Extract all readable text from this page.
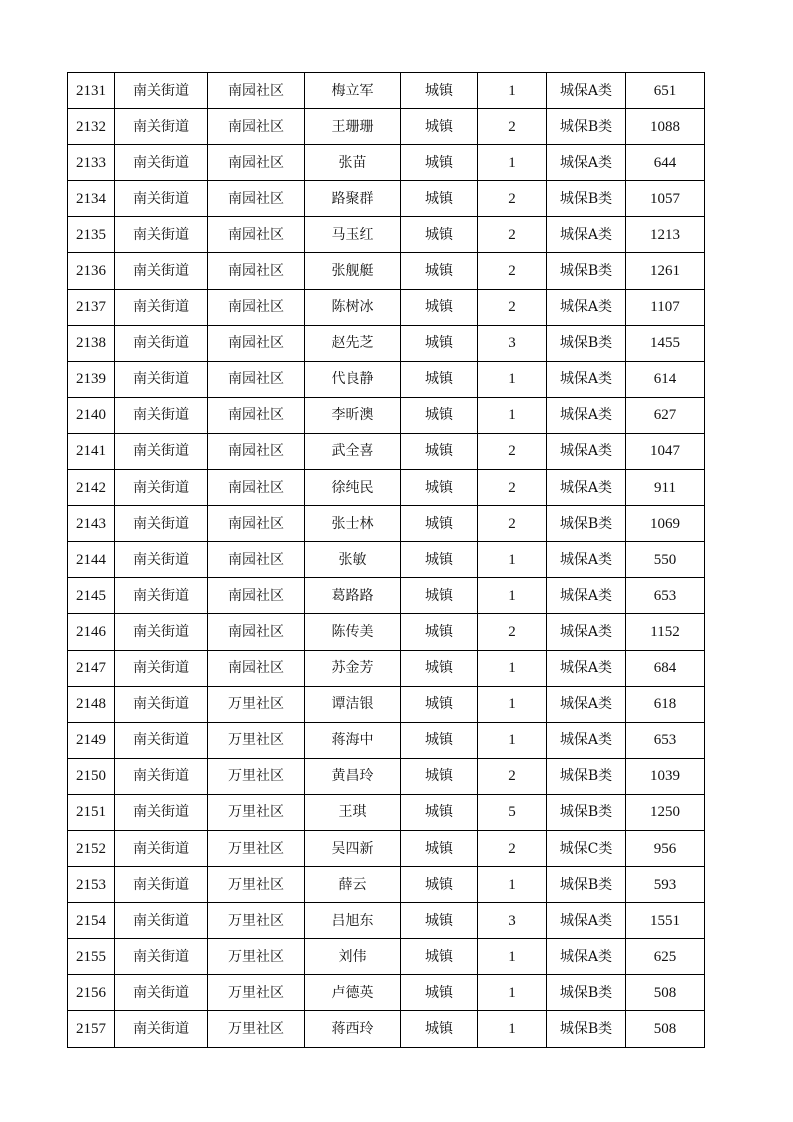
2131	南关街道	南园社区	梅立军	城镇	1	城保A类	651
2132	南关街道	南园社区	王珊珊	城镇	2	城保B类	1088
2133	南关街道	南园社区	张苗	城镇	1	城保A类	644
2134	南关街道	南园社区	路聚群	城镇	2	城保B类	1057
2135	南关街道	南园社区	马玉红	城镇	2	城保A类	1213
2136	南关街道	南园社区	张舰艇	城镇	2	城保B类	1261
2137	南关街道	南园社区	陈树冰	城镇	2	城保A类	1107
2138	南关街道	南园社区	赵先芝	城镇	3	城保B类	1455
2139	南关街道	南园社区	代良静	城镇	1	城保A类	614
2140	南关街道	南园社区	李昕澳	城镇	1	城保A类	627
2141	南关街道	南园社区	武全喜	城镇	2	城保A类	1047
2142	南关街道	南园社区	徐纯民	城镇	2	城保A类	911
2143	南关街道	南园社区	张士林	城镇	2	城保B类	1069
2144	南关街道	南园社区	张敏	城镇	1	城保A类	550
2145	南关街道	南园社区	葛路路	城镇	1	城保A类	653
2146	南关街道	南园社区	陈传美	城镇	2	城保A类	1152
2147	南关街道	南园社区	苏金芳	城镇	1	城保A类	684
2148	南关街道	万里社区	谭洁银	城镇	1	城保A类	618
2149	南关街道	万里社区	蒋海中	城镇	1	城保A类	653
2150	南关街道	万里社区	黄昌玲	城镇	2	城保B类	1039
2151	南关街道	万里社区	王琪	城镇	5	城保B类	1250
2152	南关街道	万里社区	吴四新	城镇	2	城保C类	956
2153	南关街道	万里社区	薛云	城镇	1	城保B类	593
2154	南关街道	万里社区	吕旭东	城镇	3	城保A类	1551
2155	南关街道	万里社区	刘伟	城镇	1	城保A类	625
2156	南关街道	万里社区	卢德英	城镇	1	城保B类	508
2157	南关街道	万里社区	蒋西玲	城镇	1	城保B类	508
